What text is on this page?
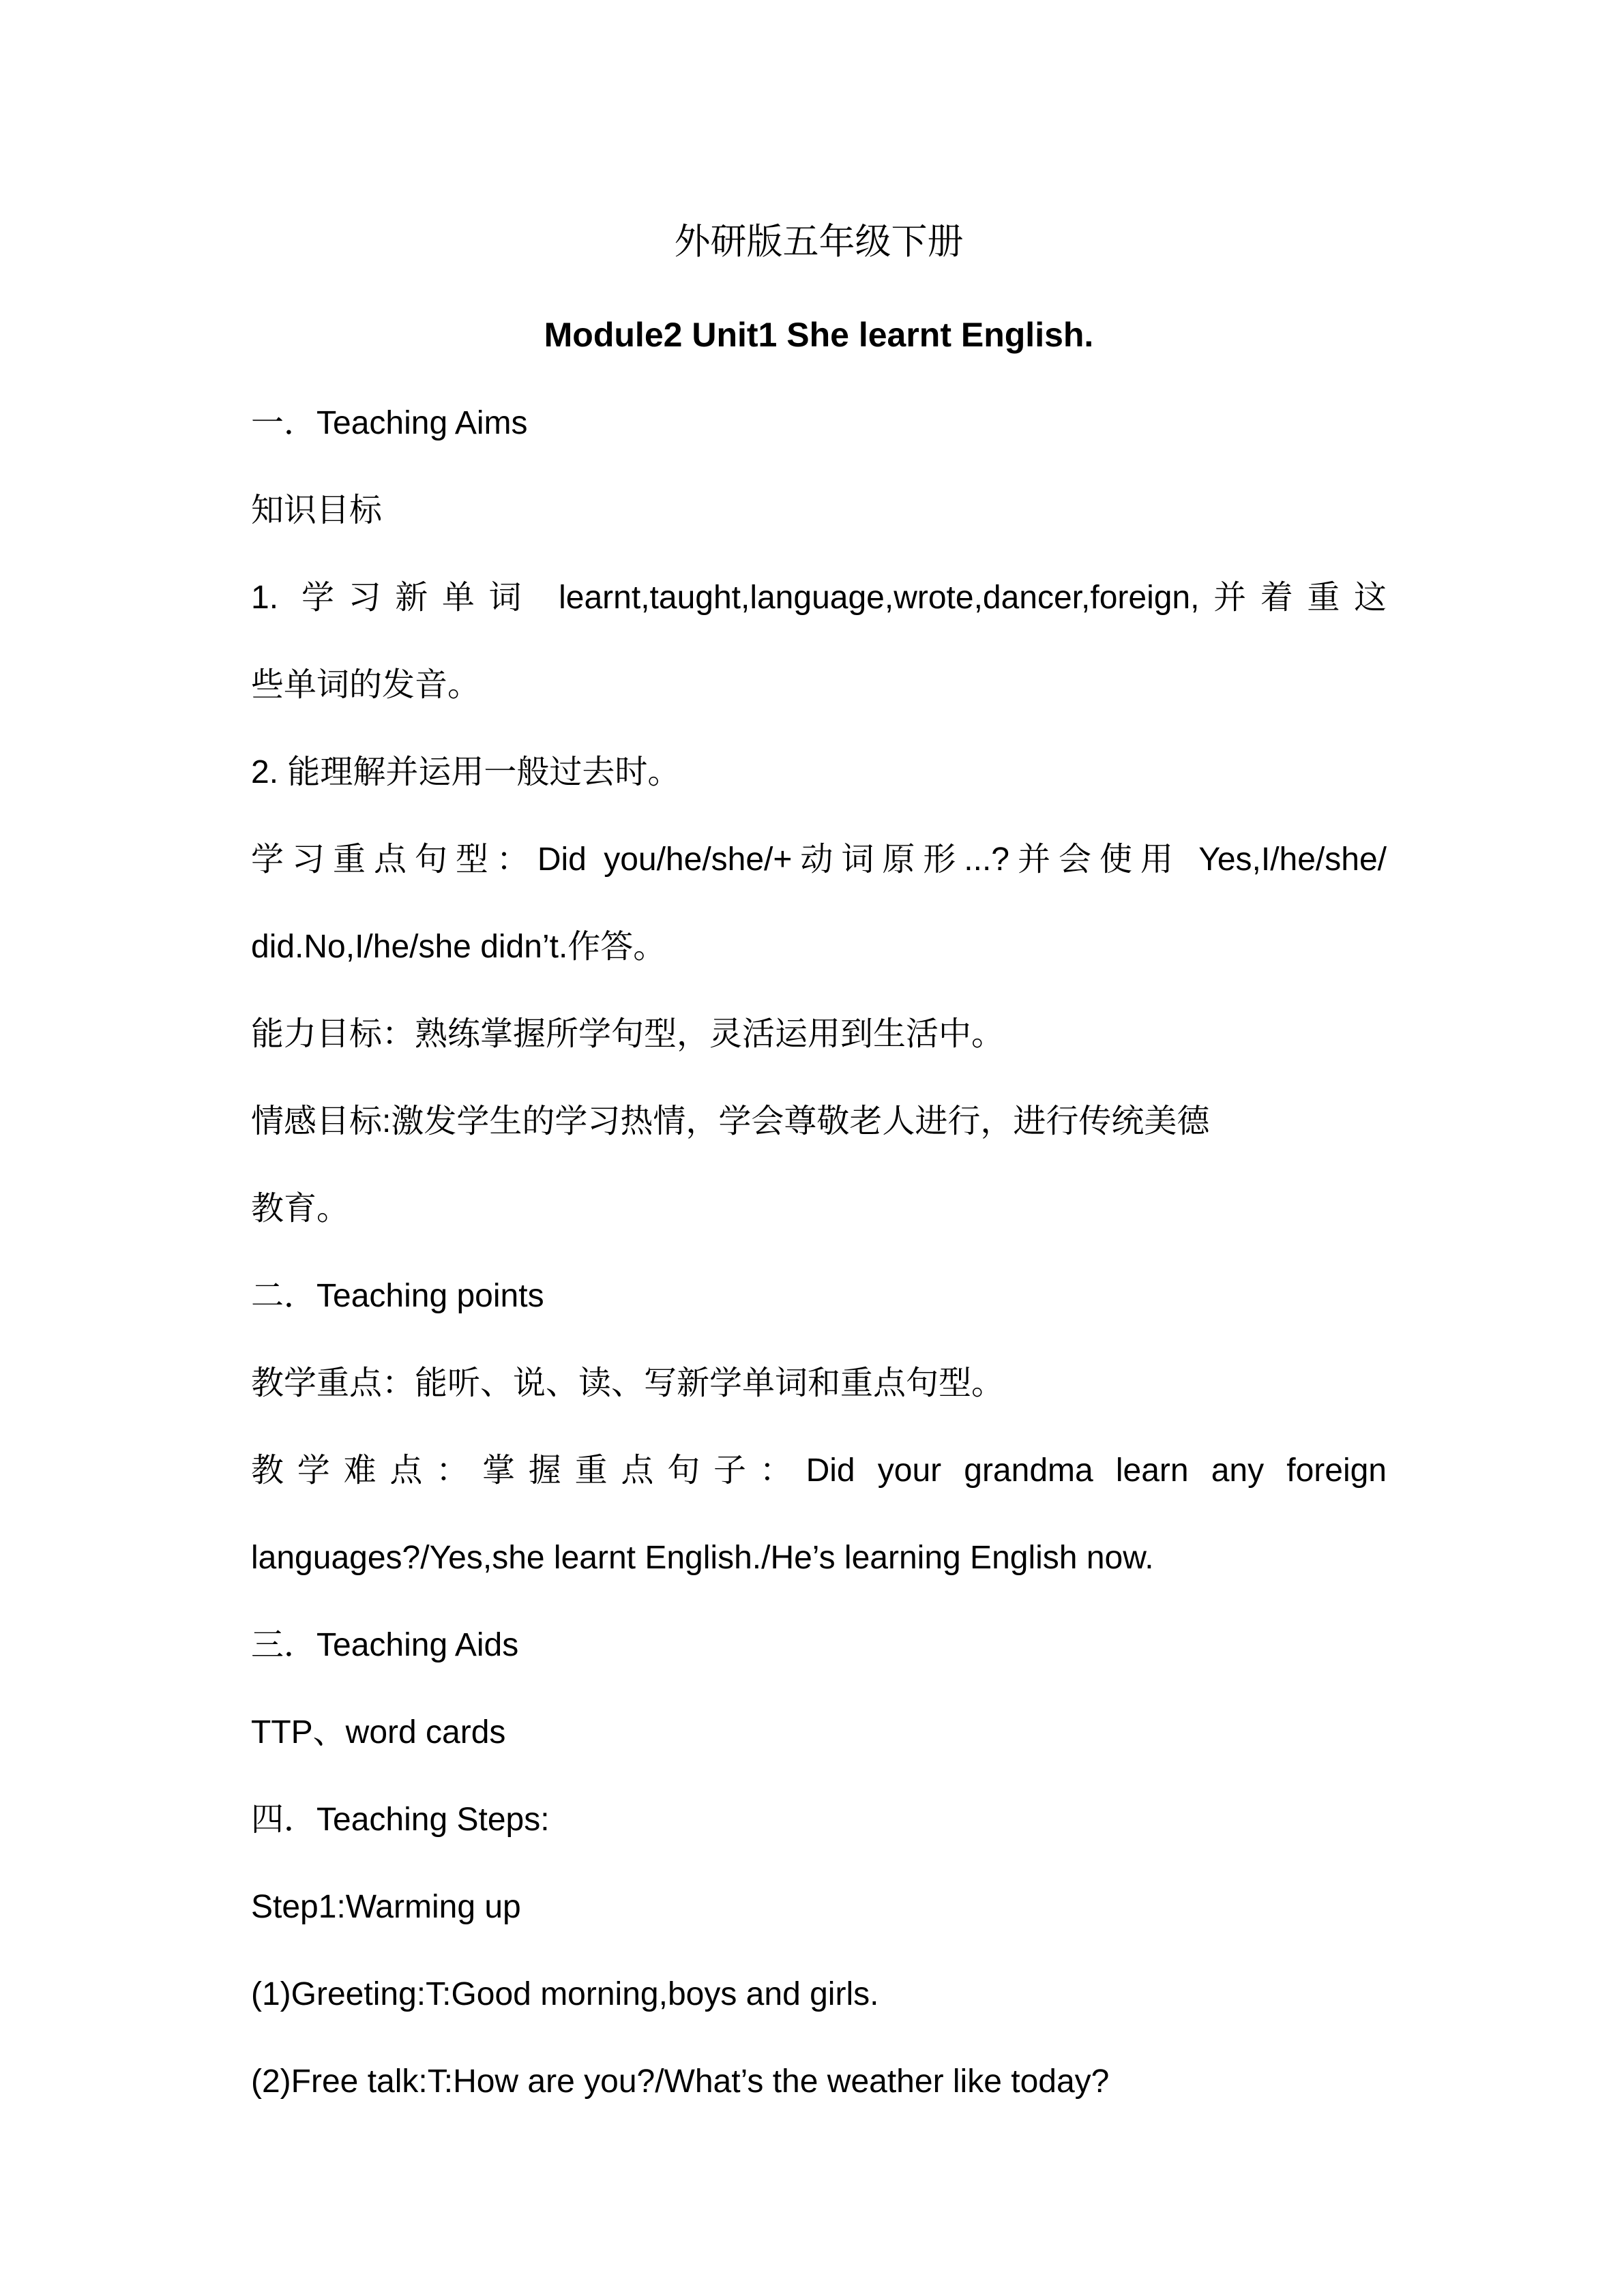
外研版五年级下册
Module2 Unit1 She learnt English.
一．Teaching Aims
知识目标
1. 学习新单词 learnt,taught,language,wrote,dancer,foreign,并着重这
些单词的发音。
2. 能理解并运用一般过去时。
学习重点句型：Did you/he/she/+动词原形...?并会使用 Yes,I/he/she/
did.No,I/he/she didn’t.作答。
能力目标：熟练掌握所学句型，灵活运用到生活中。
情感目标:激发学生的学习热情，学会尊敬老人进行，进行传统美德
教育。
二．Teaching points
教学重点：能听、说、读、写新学单词和重点句型。
教学难点：掌握重点句子：Did your grandma learn any foreign
languages?/Yes,she learnt English./He’s learning English now.
三．Teaching Aids
TTP、word cards
四．Teaching Steps:
Step1:Warming up
(1)Greeting:T:Good morning,boys and girls.
(2)Free talk:T:How are you?/What’s the weather like today?
